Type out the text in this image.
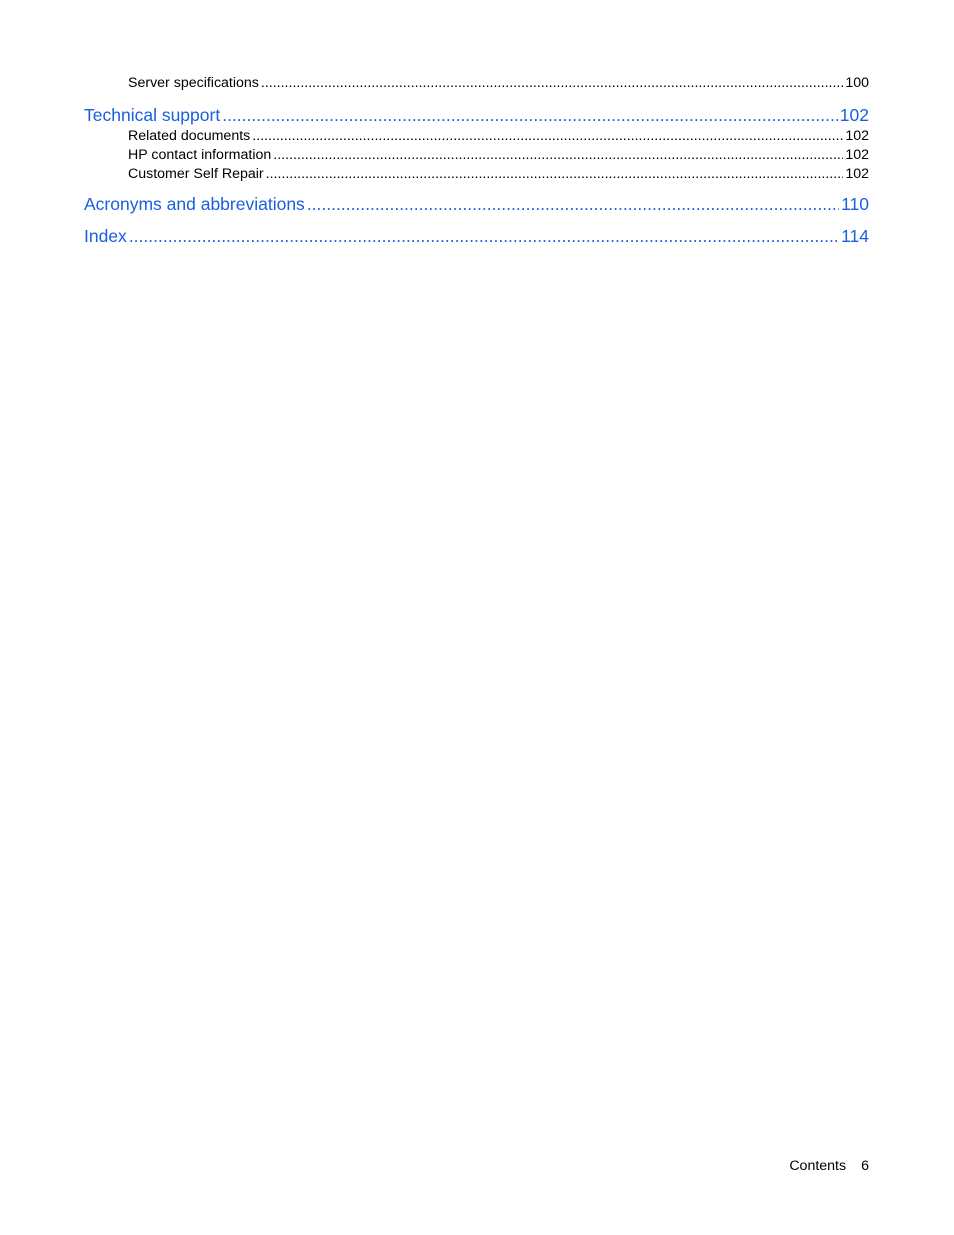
Server specifications .....	100
Technical support .....	102
Related documents .....	102
HP contact information .....	102
Customer Self Repair .....	102
Acronyms and abbreviations .....	110
Index .....	114
Contents 6
